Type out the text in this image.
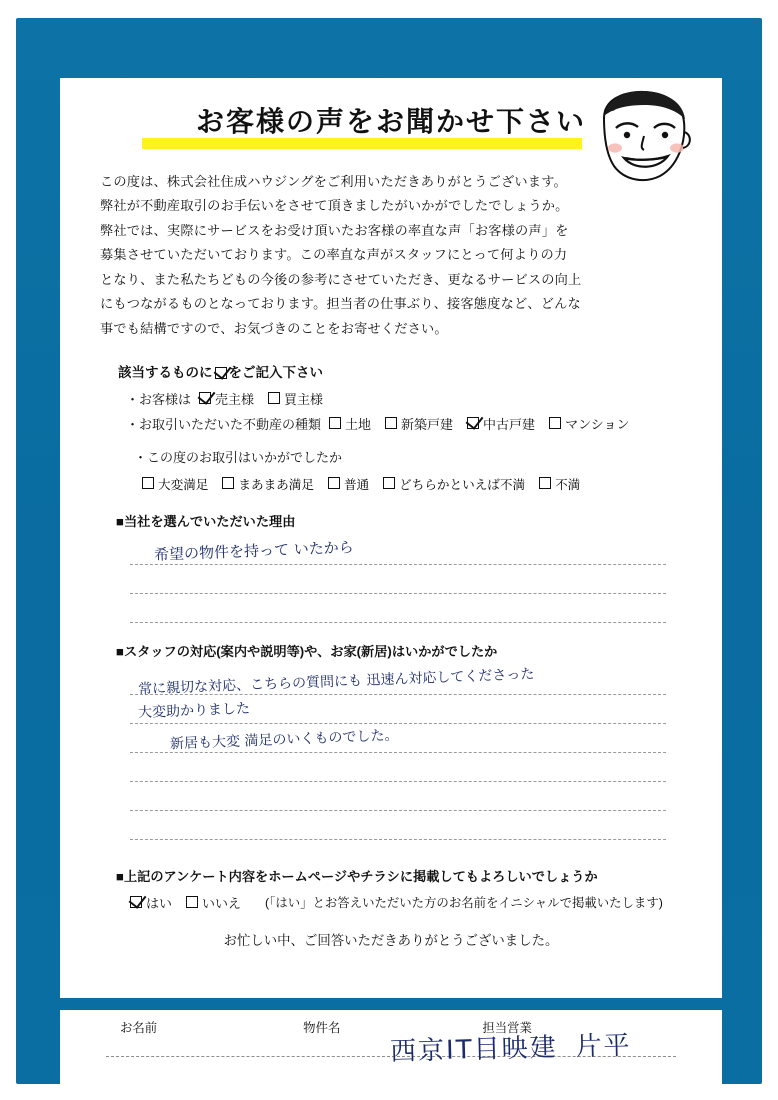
お客様の声をお聞かせ下さい
この度は、株式会社住成ハウジングをご利用いただきありがとうございます。
弊社が不動産取引のお手伝いをさせて頂きましたがいかがでしたでしょうか。
弊社では、実際にサービスをお受け頂いたお客様の率直な声「お客様の声」を
募集させていただいております。この率直な声がスタッフにとって何よりの力
となり、また私たちどもの今後の参考にさせていただき、更なるサービスの向上
にもつながるものとなっております。担当者の仕事ぶり、接客態度など、どんな
事でも結構ですので、お気づきのことをお寄せください。
該当するものに をご記入下さい
・お客様は 売主様 買主様
・お取引いただいた不動産の種類 土地 新築戸建 中古戸建 マンション
・この度のお取引はいかがでしたか
大変満足 まあまあ満足 普通 どちらかといえば不満 不満
■当社を選んでいただいた理由
希望の物件を持って いたから
■スタッフの対応(案内や説明等)や、お家(新居)はいかがでしたか
常に親切な対応、こちらの質問にも 迅速ん対応してくださった
大変助かりました
新居も大変 満足のいくものでした。
■上記のアンケート内容をホームページやチラシに掲載してもよろしいでしょうか
はい いいえ (「はい」とお答えいただいた方のお名前をイニシャルで掲載いたします)
お忙しい中、ご回答いただきありがとうございました。
お名前	物件名	担当営業
西京IT目映建 片平
